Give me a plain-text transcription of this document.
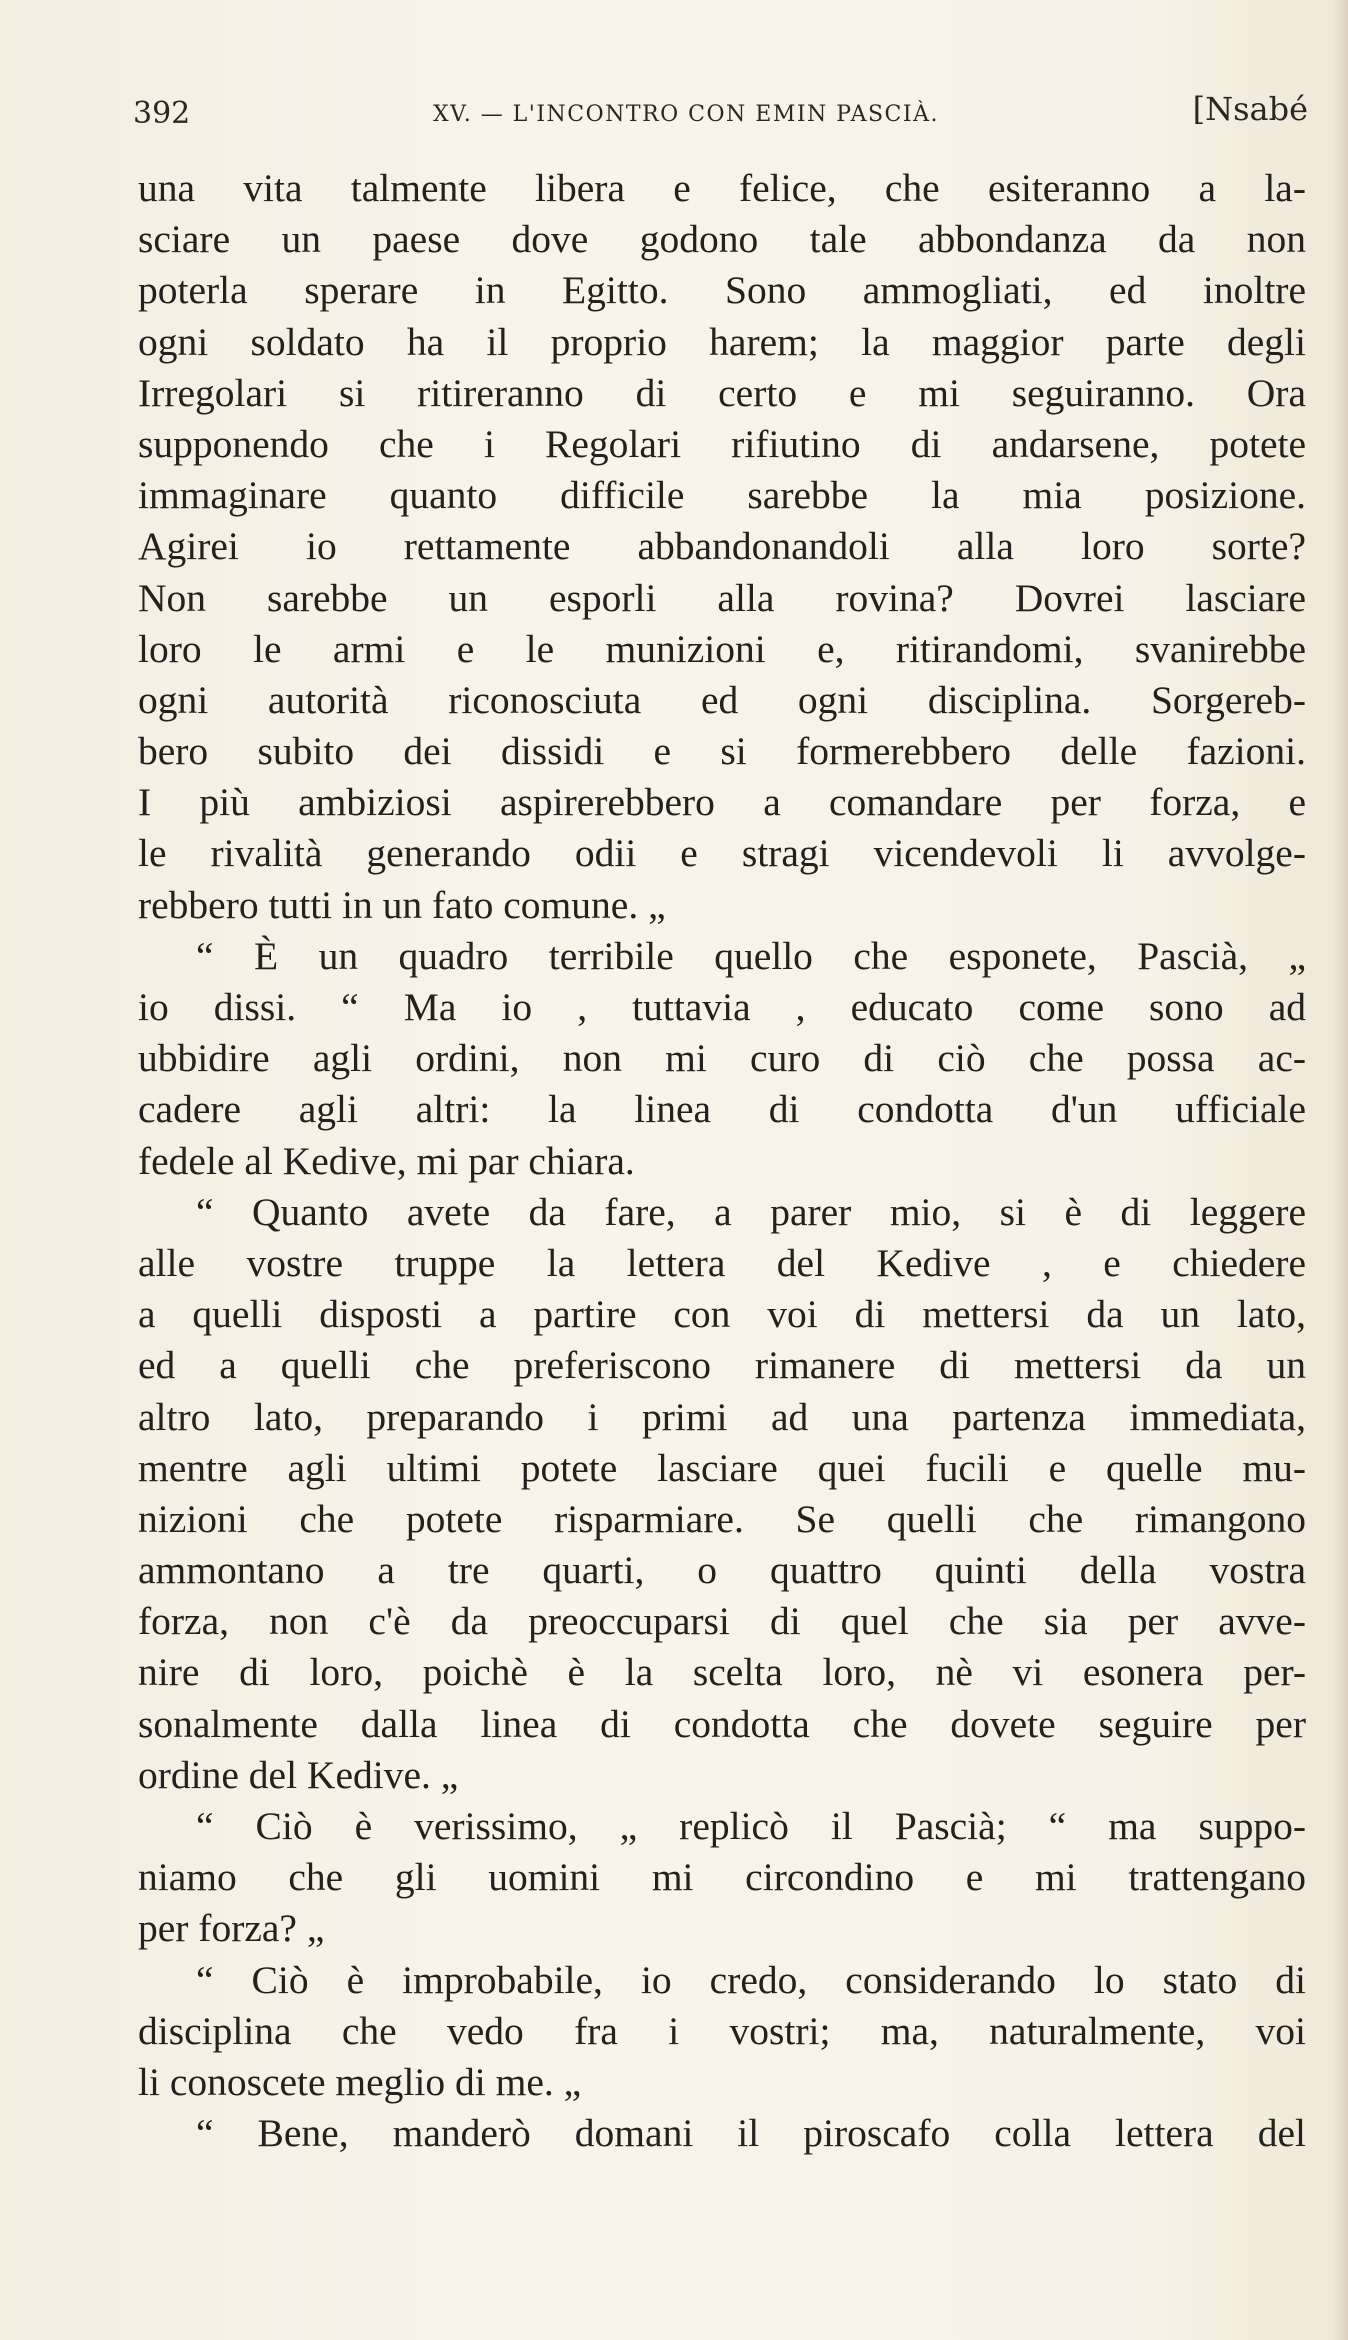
392	XV. — L'INCONTRO CON EMIN PASCIÀ.	[Nsabé
una vita talmente libera e felice, che esiteranno a la-
sciare un paese dove godono tale abbondanza da non
poterla sperare in Egitto. Sono ammogliati, ed inoltre
ogni soldato ha il proprio harem; la maggior parte degli
Irregolari si ritireranno di certo e mi seguiranno. Ora
supponendo che i Regolari rifiutino di andarsene, potete
immaginare quanto difficile sarebbe la mia posizione.
Agirei io rettamente abbandonandoli alla loro sorte?
Non sarebbe un esporli alla rovina? Dovrei lasciare
loro le armi e le munizioni e, ritirandomi, svanirebbe
ogni autorità riconosciuta ed ogni disciplina. Sorgereb-
bero subito dei dissidi e si formerebbero delle fazioni.
I più ambiziosi aspirerebbero a comandare per forza, e
le rivalità generando odii e stragi vicendevoli li avvolge-
rebbero tutti in un fato comune. „
“ È un quadro terribile quello che esponete, Pascià, „
io dissi. “ Ma io , tuttavia , educato come sono ad
ubbidire agli ordini, non mi curo di ciò che possa ac-
cadere agli altri: la linea di condotta d'un ufficiale
fedele al Kedive, mi par chiara.
“ Quanto avete da fare, a parer mio, si è di leggere
alle vostre truppe la lettera del Kedive , e chiedere
a quelli disposti a partire con voi di mettersi da un lato,
ed a quelli che preferiscono rimanere di mettersi da un
altro lato, preparando i primi ad una partenza immediata,
mentre agli ultimi potete lasciare quei fucili e quelle mu-
nizioni che potete risparmiare. Se quelli che rimangono
ammontano a tre quarti, o quattro quinti della vostra
forza, non c'è da preoccuparsi di quel che sia per avve-
nire di loro, poichè è la scelta loro, nè vi esonera per-
sonalmente dalla linea di condotta che dovete seguire per
ordine del Kedive. „
“ Ciò è verissimo, „ replicò il Pascià; “ ma suppo-
niamo che gli uomini mi circondino e mi trattengano
per forza? „
“ Ciò è improbabile, io credo, considerando lo stato di
disciplina che vedo fra i vostri; ma, naturalmente, voi
li conoscete meglio di me. „
“ Bene, manderò domani il piroscafo colla lettera del
